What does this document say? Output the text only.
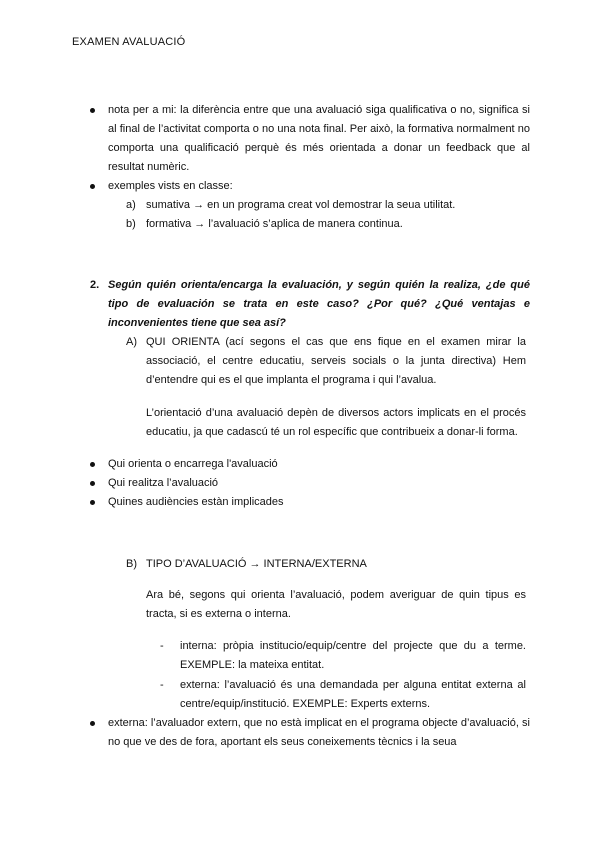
EXAMEN AVALUACIÓ
nota per a mi: la diferència entre que una avaluació siga qualificativa o no, significa si al final de l’activitat comporta o no una nota final. Per això, la formativa normalment no comporta una qualificació perquè és més orientada a donar un feedback que al resultat numèric.
exemples vists en classe:
a) sumativa → en un programa creat vol demostrar la seua utilitat.
b) formativa → l’avaluació s’aplica de manera continua.
2. Según quién orienta/encarga la evaluación, y según quién la realiza, ¿de qué tipo de evaluación se trata en este caso? ¿Por qué? ¿Qué ventajas e inconvenientes tiene que sea así?
A) QUI ORIENTA (ací segons el cas que ens fique en el examen mirar la associació, el centre educatiu, serveis socials o la junta directiva) Hem d’entendre qui es el que implanta el programa i qui l’avalua.
L’orientació d’una avaluació depèn de diversos actors implicats en el procés educatiu, ja que cadascú té un rol específic que contribueix a donar-li forma.
Qui orienta o encarrega l'avaluació
Qui realitza l’avaluació
Quines audiències estàn implicades
B) TIPO D’AVALUACIÓ → INTERNA/EXTERNA
Ara bé, segons qui orienta l’avaluació, podem averiguar de quin tipus es tracta, si es externa o interna.
- interna: pròpia institucio/equip/centre del projecte que du a terme. EXEMPLE: la mateixa entitat.
- externa: l’avaluació és una demandada per alguna entitat externa al centre/equip/institució. EXEMPLE: Experts externs.
externa: l’avaluador extern, que no està implicat en el programa objecte d’avaluació, si no que ve des de fora, aportant els seus coneixements tècnics i la seua
